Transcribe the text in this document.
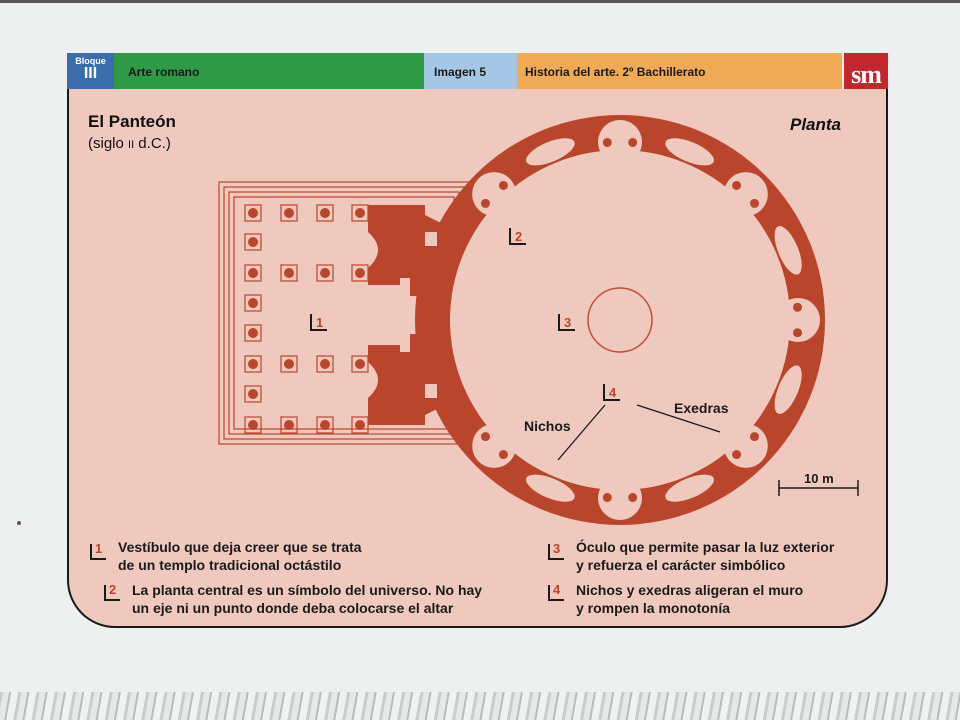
Bloque
III	Arte romano	Imagen 5	Historia del arte. 2º Bachillerato	sm
El Panteón
(siglo II d.C.)
Planta
1
2
3
4
Nichos
Exedras
10 m
1 Vestíbulo que deja creer que se trata
de un templo tradicional octástilo
2 La planta central es un símbolo del universo. No hay
un eje ni un punto donde deba colocarse el altar
3 Óculo que permite pasar la luz exterior
y refuerza el carácter simbólico
4 Nichos y exedras aligeran el muro
y rompen la monotonía
